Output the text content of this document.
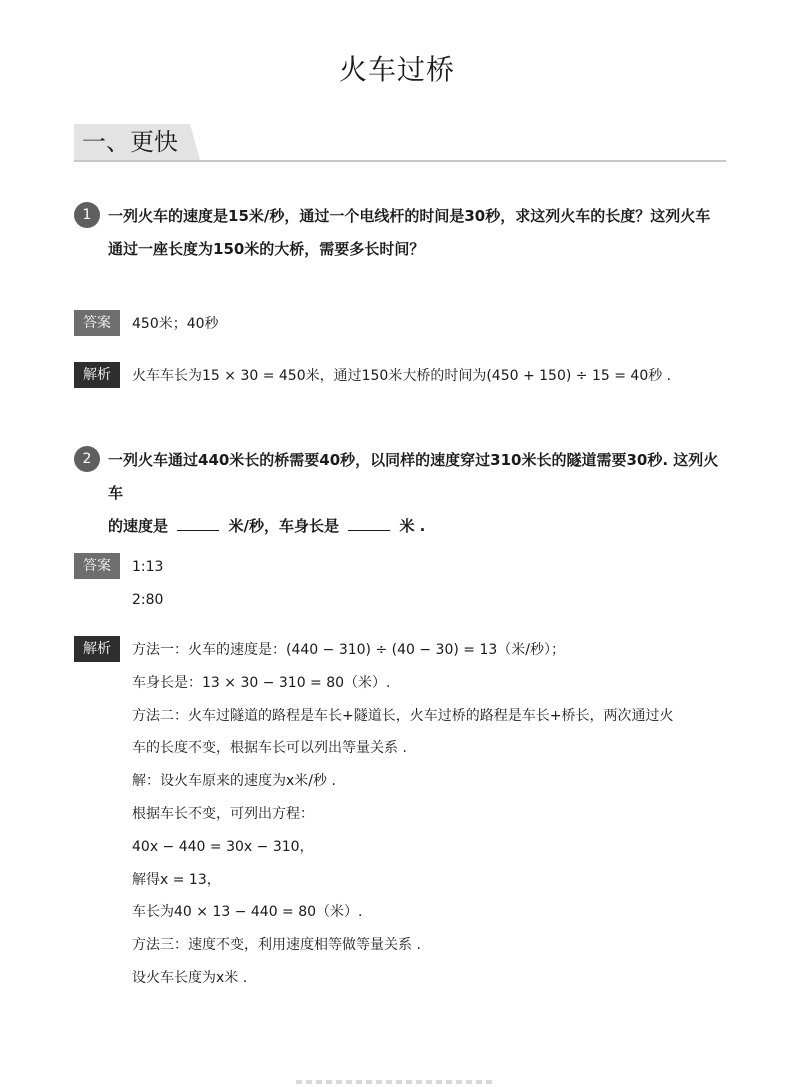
火车过桥
一、更快
1	一列火车的速度是15米/秒，通过一个电线杆的时间是30秒，求这列火车的长度？这列火车
通过一座长度为150米的大桥，需要多长时间？
答案	450米；40秒
解析	火车车长为15 × 30 = 450米，通过150米大桥的时间为(450 + 150) ÷ 15 = 40秒 .
2	一列火车通过440米长的桥需要40秒，以同样的速度穿过310米长的隧道需要30秒. 这列火车
的速度是	米/秒，车身长是	米 .
答案	1:13
2:80
解析	方法一：火车的速度是：(440 − 310) ÷ (40 − 30) = 13（米/秒）；
车身长是：13 × 30 − 310 = 80（米）.
方法二：火车过隧道的路程是车长+隧道长，火车过桥的路程是车长+桥长，两次通过火
车的长度不变，根据车长可以列出等量关系 .
解：设火车原来的速度为x米/秒 .
根据车长不变，可列出方程：
40x − 440 = 30x − 310，
解得x = 13，
车长为40 × 13 − 440 = 80（米）.
方法三：速度不变，利用速度相等做等量关系 .
设火车长度为x米 .
